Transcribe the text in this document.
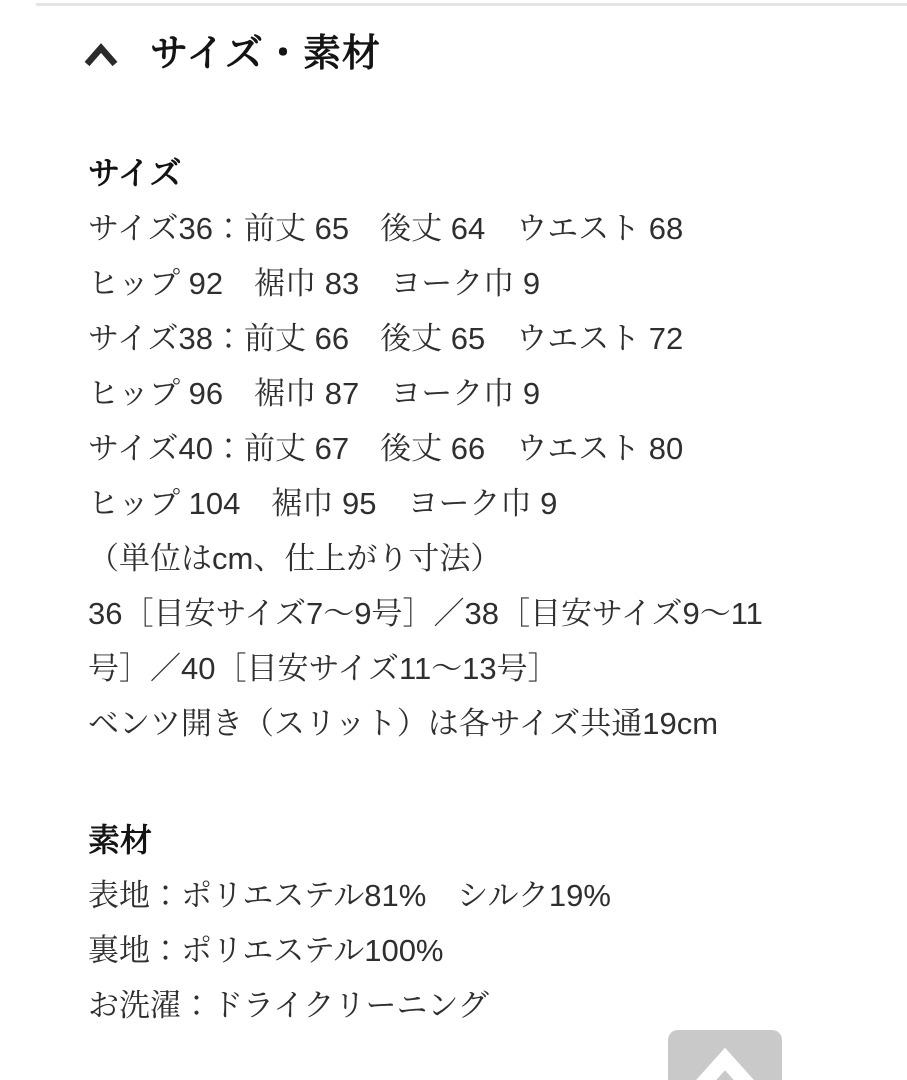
サイズ・素材
サイズ
サイズ36：前丈 65　後丈 64　ウエスト 68
ヒップ 92　裾巾 83　ヨーク巾 9
サイズ38：前丈 66　後丈 65　ウエスト 72
ヒップ 96　裾巾 87　ヨーク巾 9
サイズ40：前丈 67　後丈 66　ウエスト 80
ヒップ 104　裾巾 95　ヨーク巾 9
（単位はcm、仕上がり寸法）
36［目安サイズ7～9号］／38［目安サイズ9～11
号］／40［目安サイズ11～13号］
ベンツ開き（スリット）は各サイズ共通19cm
素材
表地：ポリエステル81%　シルク19%
裏地：ポリエステル100%
お洗濯：ドライクリーニング
